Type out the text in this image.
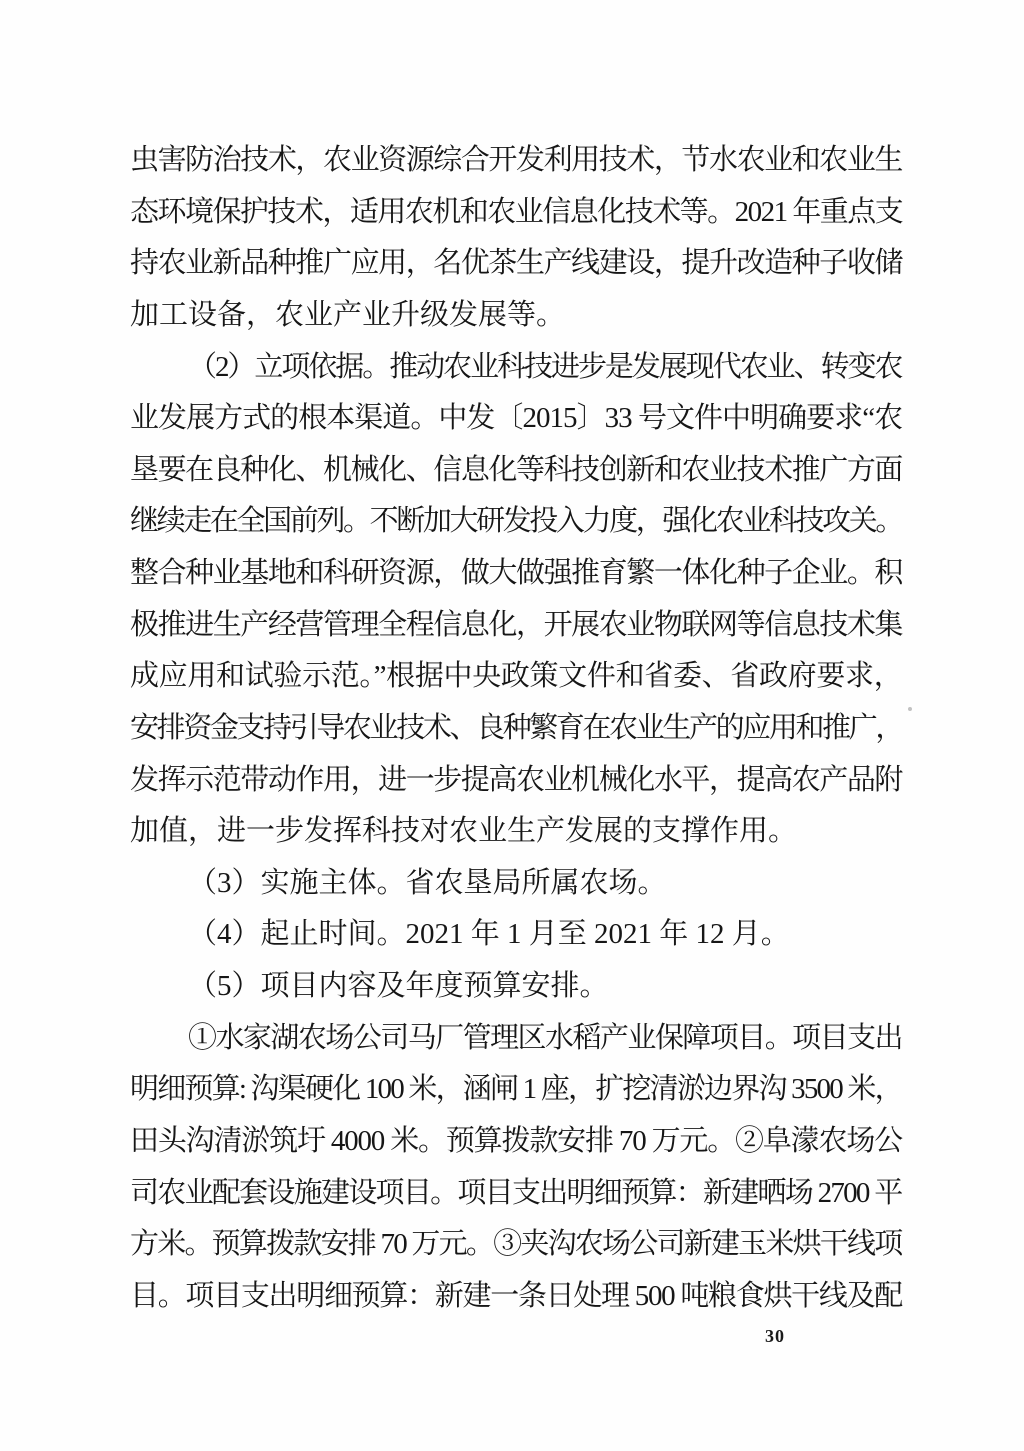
虫害防治技术，农业资源综合开发利用技术，节水农业和农业生
态环境保护技术，适用农机和农业信息化技术等。2021 年重点支
持农业新品种推广应用，名优茶生产线建设，提升改造种子收储
加工设备，农业产业升级发展等。
（2）立项依据。推动农业科技进步是发展现代农业、转变农
业发展方式的根本渠道。中发〔2015〕33 号文件中明确要求“农
垦要在良种化、机械化、信息化等科技创新和农业技术推广方面
继续走在全国前列。不断加大研发投入力度，强化农业科技攻关。
整合种业基地和科研资源，做大做强推育繁一体化种子企业。积
极推进生产经营管理全程信息化，开展农业物联网等信息技术集
成应用和试验示范。”根据中央政策文件和省委、省政府要求，
安排资金支持引导农业技术、良种繁育在农业生产的应用和推广，
发挥示范带动作用，进一步提高农业机械化水平，提高农产品附
加值，进一步发挥科技对农业生产发展的支撑作用。
（3）实施主体。省农垦局所属农场。
（4）起止时间。2021 年 1 月至 2021 年 12 月。
（5）项目内容及年度预算安排。
①水家湖农场公司马厂管理区水稻产业保障项目。项目支出
明细预算: 沟渠硬化 100 米，涵闸 1 座，扩挖清淤边界沟 3500 米，
田头沟清淤筑圩 4000 米。预算拨款安排 70 万元。②阜濛农场公
司农业配套设施建设项目。项目支出明细预算：新建晒场 2700 平
方米。预算拨款安排 70 万元。③夹沟农场公司新建玉米烘干线项
目。项目支出明细预算：新建一条日处理 500 吨粮食烘干线及配
30
